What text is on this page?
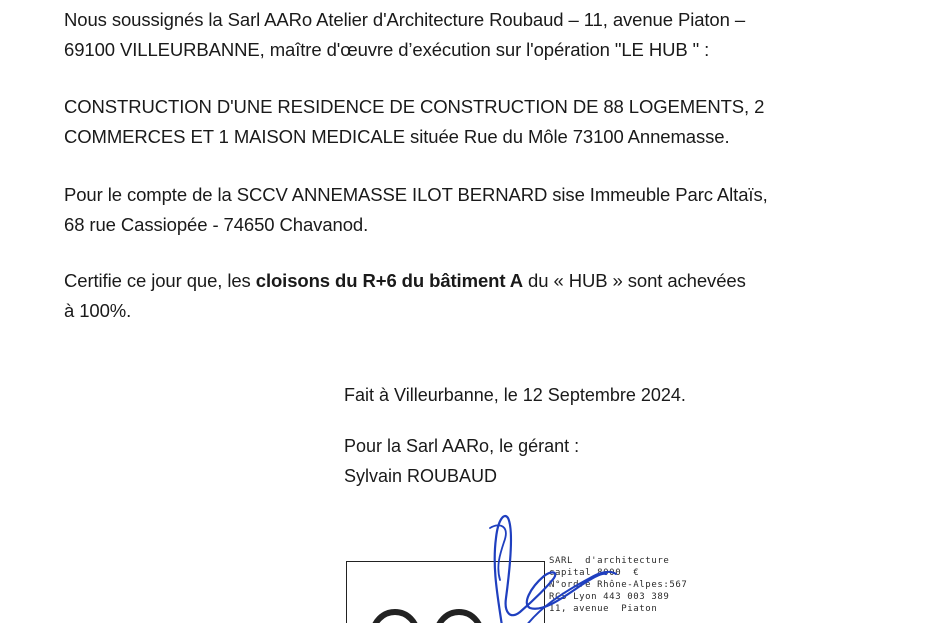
Nous soussignés la Sarl AARo Atelier d'Architecture Roubaud – 11, avenue Piaton –
69100 VILLEURBANNE, maître d'œuvre d’exécution sur l'opération "LE HUB " :
CONSTRUCTION D'UNE RESIDENCE DE CONSTRUCTION DE 88 LOGEMENTS, 2
COMMERCES ET 1 MAISON MEDICALE située Rue du Môle 73100 Annemasse.
Pour le compte de la SCCV ANNEMASSE ILOT BERNARD sise Immeuble Parc Altaïs,
68 rue Cassiopée - 74650 Chavanod.
Certifie ce jour que, les cloisons du R+6 du bâtiment A du « HUB » sont achevées
à 100%.
Fait à Villeurbanne, le 12 Septembre 2024.
Pour la Sarl AARo, le gérant :
Sylvain ROUBAUD
SARL  d'architecture
capital 8000  €
N°ordre Rhône-Alpes:567
RCS Lyon 443 003 389
11, avenue  Piaton
